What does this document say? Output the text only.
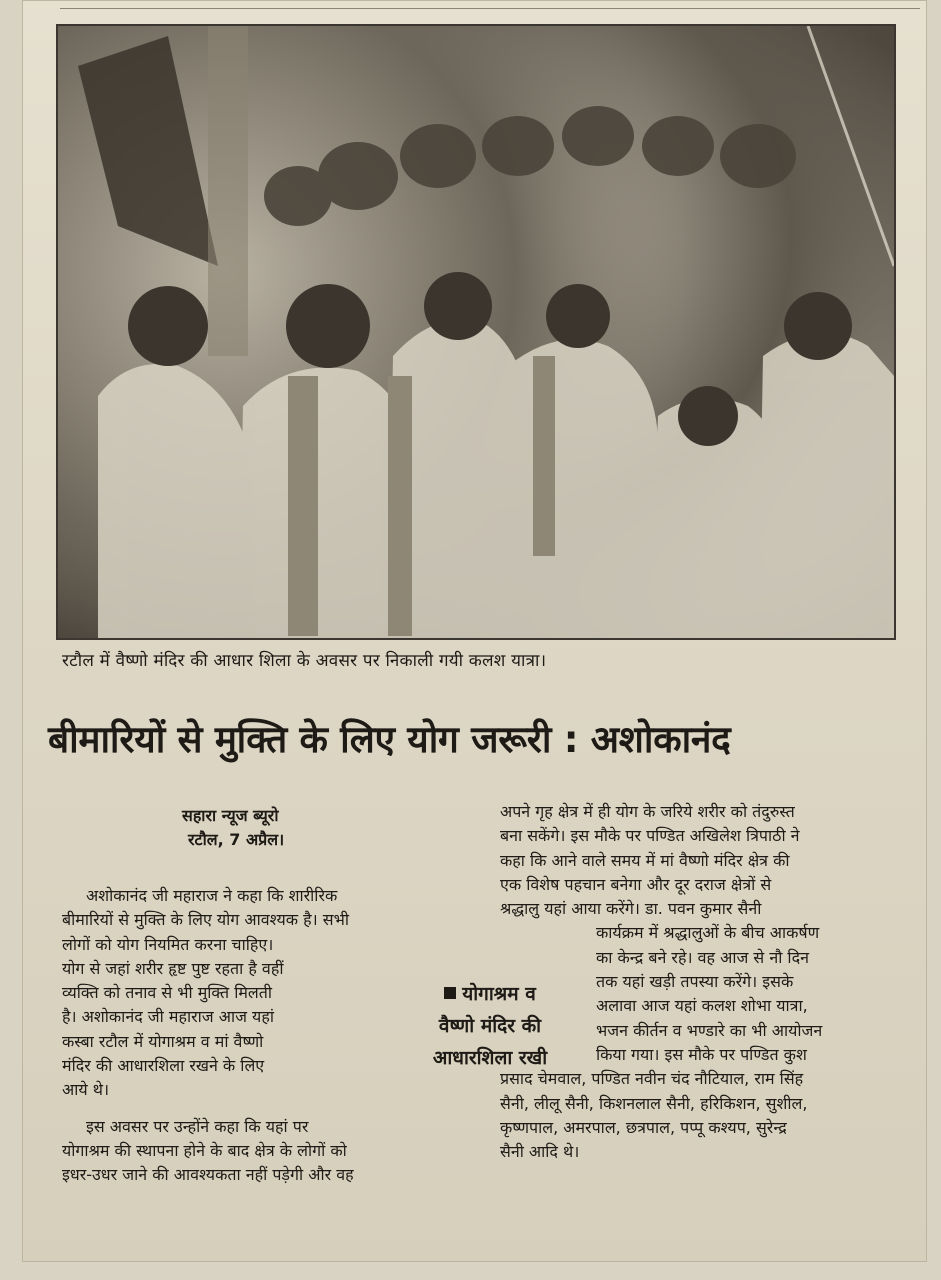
रटौल में वैष्णो मंदिर की आधार शिला के अवसर पर निकाली गयी कलश यात्रा।
बीमारियों से मुक्ति के लिए योग जरूरी : अशोकानंद
सहारा न्यूज ब्यूरो
रटौल, 7 अप्रैल।
अशोकानंद जी महाराज ने कहा कि शारीरिक
बीमारियों से मुक्ति के लिए योग आवश्यक है। सभी
लोगों को योग नियमित करना चाहिए।
योग से जहां शरीर हृष्ट पुष्ट रहता है वहीं
व्यक्ति को तनाव से भी मुक्ति मिलती
है। अशोकानंद जी महाराज आज यहां
कस्बा रटौल में योगाश्रम व मां वैष्णो
मंदिर की आधारशिला रखने के लिए
आये थे।
इस अवसर पर उन्होंने कहा कि यहां पर
योगाश्रम की स्थापना होने के बाद क्षेत्र के लोगों को
इधर-उधर जाने की आवश्यकता नहीं पड़ेगी और वह
योगाश्रम व
वैष्णो मंदिर की
आधारशिला रखी
अपने गृह क्षेत्र में ही योग के जरिये शरीर को तंदुरुस्त
बना सकेंगे। इस मौके पर पण्डित अखिलेश त्रिपाठी ने
कहा कि आने वाले समय में मां वैष्णो मंदिर क्षेत्र की
एक विशेष पहचान बनेगा और दूर दराज क्षेत्रों से
श्रद्धालु यहां आया करेंगे। डा. पवन कुमार सैनी
कार्यक्रम में श्रद्धालुओं के बीच आकर्षण
का केन्द्र बने रहे। वह आज से नौ दिन
तक यहां खड़ी तपस्या करेंगे। इसके
अलावा आज यहां कलश शोभा यात्रा,
भजन कीर्तन व भण्डारे का भी आयोजन
किया गया। इस मौके पर पण्डित कुश
प्रसाद चेमवाल, पण्डित नवीन चंद नौटियाल, राम सिंह
सैनी, लीलू सैनी, किशनलाल सैनी, हरिकिशन, सुशील,
कृष्णपाल, अमरपाल, छत्रपाल, पप्पू कश्यप, सुरेन्द्र
सैनी आदि थे।
